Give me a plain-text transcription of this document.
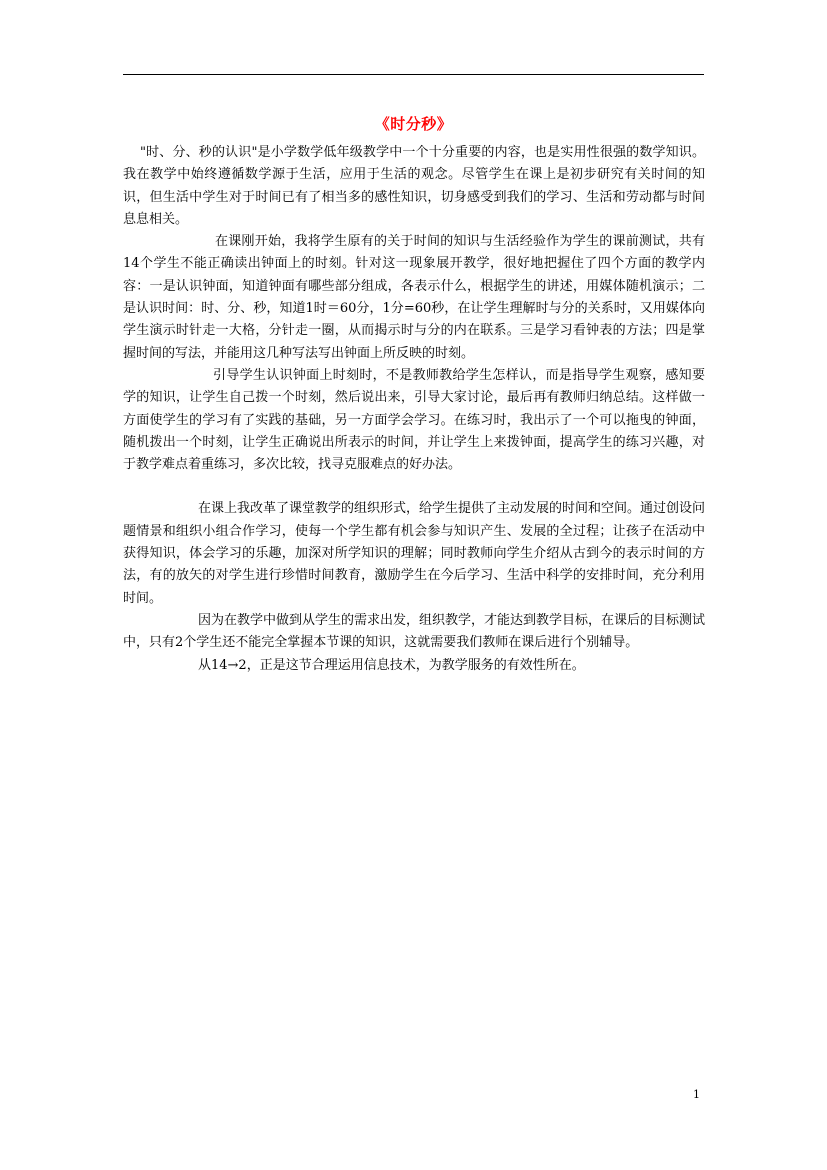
《时分秒》

"时、分、秒的认识"是小学数学低年级教学中一个十分重要的内容，也是实用性很强的数学知识。我在教学中始终遵循数学源于生活，应用于生活的观念。尽管学生在课上是初步研究有关时间的知识，但生活中学生对于时间已有了相当多的感性知识，切身感受到我们的学习、生活和劳动都与时间息息相关。

在课刚开始，我将学生原有的关于时间的知识与生活经验作为学生的课前测试，共有14个学生不能正确读出钟面上的时刻。针对这一现象展开教学，很好地把握住了四个方面的教学内容：一是认识钟面，知道钟面有哪些部分组成，各表示什么，根据学生的讲述，用媒体随机演示；二是认识时间：时、分、秒，知道1时＝60分，1分=60秒，在让学生理解时与分的关系时，又用媒体向学生演示时针走一大格，分针走一圈，从而揭示时与分的内在联系。三是学习看钟表的方法；四是掌握时间的写法，并能用这几种写法写出钟面上所反映的时刻。

引导学生认识钟面上时刻时，不是教师教给学生怎样认，而是指导学生观察，感知要学的知识，让学生自己拨一个时刻，然后说出来，引导大家讨论，最后再有教师归纳总结。这样做一方面使学生的学习有了实践的基础，另一方面学会学习。在练习时，我出示了一个可以拖曳的钟面，随机拨出一个时刻，让学生正确说出所表示的时间，并让学生上来拨钟面，提高学生的练习兴趣，对于教学难点着重练习，多次比较，找寻克服难点的好办法。

在课上我改革了课堂教学的组织形式，给学生提供了主动发展的时间和空间。通过创设问题情景和组织小组合作学习，使每一个学生都有机会参与知识产生、发展的全过程；让孩子在活动中获得知识，体会学习的乐趣，加深对所学知识的理解；同时教师向学生介绍从古到今的表示时间的方法，有的放矢的对学生进行珍惜时间教育，激励学生在今后学习、生活中科学的安排时间，充分利用时间。

因为在教学中做到从学生的需求出发，组织教学，才能达到教学目标，在课后的目标测试中，只有2个学生还不能完全掌握本节课的知识，这就需要我们教师在课后进行个别辅导。

从14→2，正是这节合理运用信息技术，为教学服务的有效性所在。

1
